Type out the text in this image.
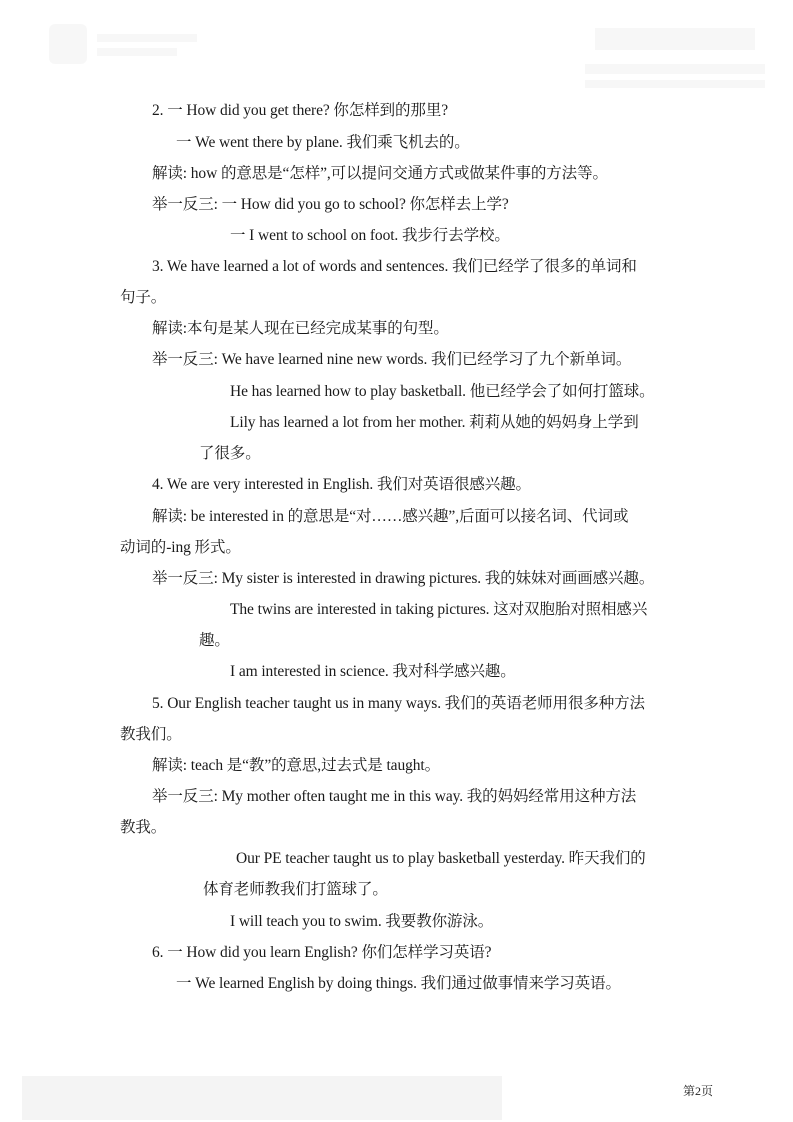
2. 一 How did you get there? 你怎样到的那里?
一 We went there by plane. 我们乘飞机去的。
解读: how 的意思是“怎样”,可以提问交通方式或做某件事的方法等。
举一反三: 一 How did you go to school? 你怎样去上学?
一 I went to school on foot. 我步行去学校。
3. We have learned a lot of words and sentences. 我们已经学了很多的单词和
句子。
解读:本句是某人现在已经完成某事的句型。
举一反三: We have learned nine new words. 我们已经学习了九个新单词。
He has learned how to play basketball. 他已经学会了如何打篮球。
Lily has learned a lot from her mother. 莉莉从她的妈妈身上学到
了很多。
4. We are very interested in English. 我们对英语很感兴趣。
解读: be interested in 的意思是“对……感兴趣”,后面可以接名词、代词或
动词的-ing 形式。
举一反三: My sister is interested in drawing pictures. 我的妹妹对画画感兴趣。
The twins are interested in taking pictures. 这对双胞胎对照相感兴
趣。
I am interested in science. 我对科学感兴趣。
5. Our English teacher taught us in many ways. 我们的英语老师用很多种方法
教我们。
解读: teach 是“教”的意思,过去式是 taught。
举一反三: My mother often taught me in this way. 我的妈妈经常用这种方法
教我。
Our PE teacher taught us to play basketball yesterday. 昨天我们的
体育老师教我们打篮球了。
I will teach you to swim. 我要教你游泳。
6. 一 How did you learn English? 你们怎样学习英语?
一 We learned English by doing things. 我们通过做事情来学习英语。
第2页
